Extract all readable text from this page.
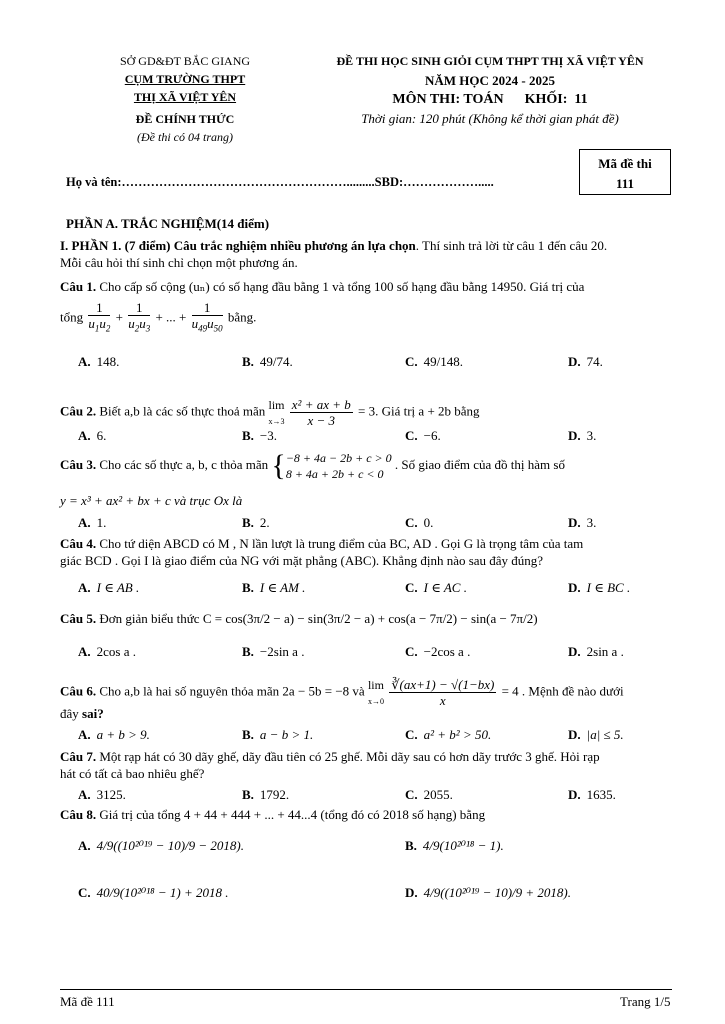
SỞ GD&ĐT BẮC GIANG
CỤM TRƯỜNG THPT
THỊ XÃ VIỆT YÊN
ĐỀ CHÍNH THỨC
(Đề thi có 04 trang)
ĐỀ THI HỌC SINH GIỎI CỤM THPT THỊ XÃ VIỆT YÊN
NĂM HỌC 2024 - 2025
MÔN THI: TOÁN      KHỐI:  11
Thời gian: 120 phút (Không kể thời gian phát đề)
Mã đề thi
111
Họ và tên:……………………………………………….........SBD:……………….....
PHẦN A. TRẮC NGHIỆM(14 điểm)
I. PHẦN 1. (7 điểm) Câu trắc nghiệm nhiều phương án lựa chọn. Thí sinh trả lời từ câu 1 đến câu 20.
Mỗi câu hỏi thí sinh chỉ chọn một phương án.
Câu 1. Cho cấp số cộng (uₙ) có số hạng đầu bằng 1 và tổng 100 số hạng đầu bằng 14950. Giá trị của
tổng $\frac{1}{u_1u_2} + \frac{1}{u_2u_3}$ + ... + $\frac{1}{u_{49}u_{50}}$ bằng.
A. 148.	B. 49/74.	C. 49/148.	D. 74.
Câu 2. Biết a,b là các số thực thoả mãn lim
$x\to 3 \frac{\text{x² + ax + b}}{x - 3} = 3$. Giá trị a + 2b bằng
A. 6.	B. −3.	C. −6.	D. 3.
Câu 3. Cho các số thực a, b, c thỏa mãn {−8 + 4a − 2b + c > 0
8 + 4a + 2b + c < 0 . Số giao điểm của đồ thị hàm số
y = x³ + ax² + bx + c và trục Ox là
A. 1.	B. 2.	C. 0.	D. 3.
Câu 4. Cho tứ diện ABCD có M , N lần lượt là trung điểm của BC, AD . Gọi G là trọng tâm của tam
giác BCD . Gọi I là giao điểm của NG với mặt phẳng (ABC). Khẳng định nào sau đây đúng?
A. I ∈ AB .	B. I ∈ AM .	C. I ∈ AC .	D. I ∈ BC .
Câu 5. Đơn giản biểu thức C = cos(3π/2 − a) − sin(3π/2 − a) + cos(a − 7π/2) − sin(a − 7π/2)
A. 2cos a .	B. −2sin a .	C. −2cos a .	D. 2sin a .
Câu 6. Cho a,b là hai số nguyên thỏa mãn 2a − 5b = −8 và lim
$x\to 0 \frac{∛(ax+1) - √(1-bx)}{x} = 4$ . Mệnh đề nào dưới
đây sai?
A. a + b > 9.	B. a − b > 1.	C. a² + b² > 50.	D. |a| ≤ 5.
Câu 7. Một rạp hát có 30 dãy ghế, dãy đầu tiên có 25 ghế. Mỗi dãy sau có hơn dãy trước 3 ghế. Hỏi rạp
hát có tất cả bao nhiêu ghế?
A. 3125.	B. 1792.	C. 2055.	D. 1635.
Câu 8. Giá trị của tổng 4 + 44 + 444 + ... + 44...4 (tổng đó có 2018 số hạng) bằng
A. 4/9((10²⁰¹⁹ − 10)/9 − 2018).	B. 4/9(10²⁰¹⁸ − 1).
C. 40/9(10²⁰¹⁸ − 1) + 2018 .	D. 4/9((10²⁰¹⁹ − 10)/9 + 2018).
Mã đề 111	Trang 1/5
